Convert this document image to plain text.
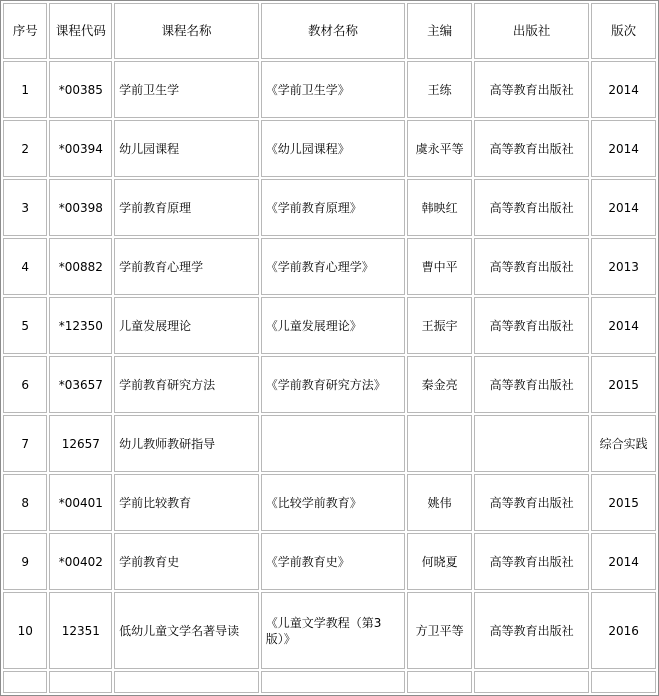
序号	课程代码	课程名称	教材名称	主编	出版社	版次
1	*00385	学前卫生学	《学前卫生学》	王练	高等教育出版社	2014
2	*00394	幼儿园课程	《幼儿园课程》	虞永平等	高等教育出版社	2014
3	*00398	学前教育原理	《学前教育原理》	韩映红	高等教育出版社	2014
4	*00882	学前教育心理学	《学前教育心理学》	曹中平	高等教育出版社	2013
5	*12350	儿童发展理论	《儿童发展理论》	王振宇	高等教育出版社	2014
6	*03657	学前教育研究方法	《学前教育研究方法》	秦金亮	高等教育出版社	2015
7	12657	幼儿教师教研指导				综合实践
8	*00401	学前比较教育	《比较学前教育》	姚伟	高等教育出版社	2015
9	*00402	学前教育史	《学前教育史》	何晓夏	高等教育出版社	2014
10	12351	低幼儿童文学名著导读	《儿童文学教程（第3版）》	方卫平等	高等教育出版社	2016
